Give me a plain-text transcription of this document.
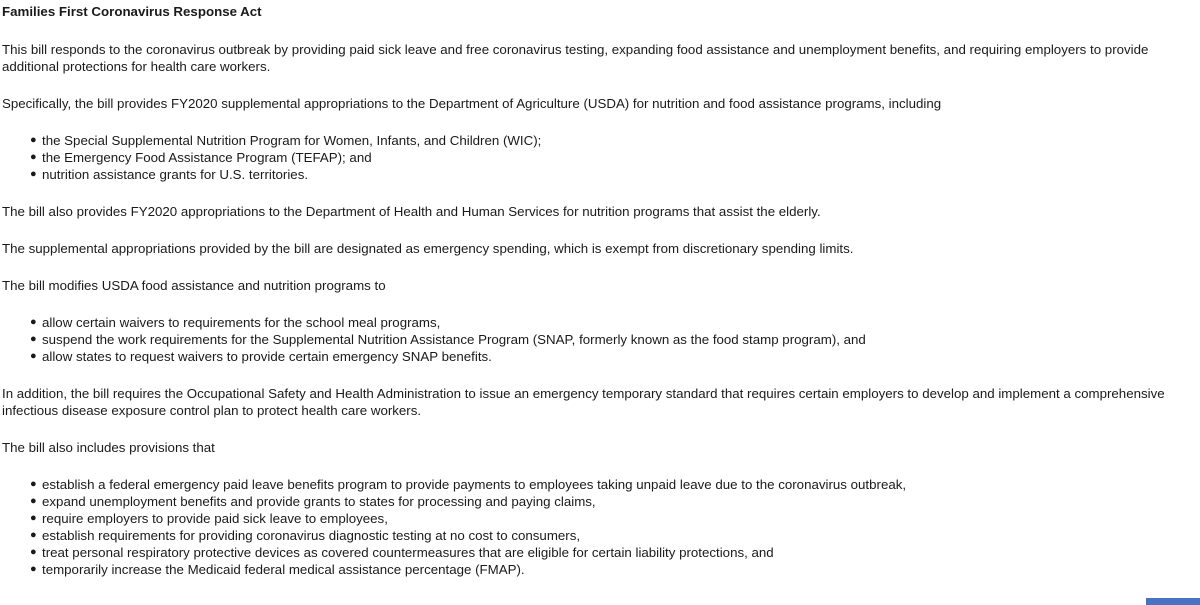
Families First Coronavirus Response Act

This bill responds to the coronavirus outbreak by providing paid sick leave and free coronavirus testing, expanding food assistance and unemployment benefits, and requiring employers to provide additional protections for health care workers.

Specifically, the bill provides FY2020 supplemental appropriations to the Department of Agriculture (USDA) for nutrition and food assistance programs, including

● the Special Supplemental Nutrition Program for Women, Infants, and Children (WIC);
● the Emergency Food Assistance Program (TEFAP); and
● nutrition assistance grants for U.S. territories.

The bill also provides FY2020 appropriations to the Department of Health and Human Services for nutrition programs that assist the elderly.

The supplemental appropriations provided by the bill are designated as emergency spending, which is exempt from discretionary spending limits.

The bill modifies USDA food assistance and nutrition programs to

● allow certain waivers to requirements for the school meal programs,
● suspend the work requirements for the Supplemental Nutrition Assistance Program (SNAP, formerly known as the food stamp program), and
● allow states to request waivers to provide certain emergency SNAP benefits.

In addition, the bill requires the Occupational Safety and Health Administration to issue an emergency temporary standard that requires certain employers to develop and implement a comprehensive infectious disease exposure control plan to protect health care workers.

The bill also includes provisions that

● establish a federal emergency paid leave benefits program to provide payments to employees taking unpaid leave due to the coronavirus outbreak,
● expand unemployment benefits and provide grants to states for processing and paying claims,
● require employers to provide paid sick leave to employees,
● establish requirements for providing coronavirus diagnostic testing at no cost to consumers,
● treat personal respiratory protective devices as covered countermeasures that are eligible for certain liability protections, and
● temporarily increase the Medicaid federal medical assistance percentage (FMAP).
